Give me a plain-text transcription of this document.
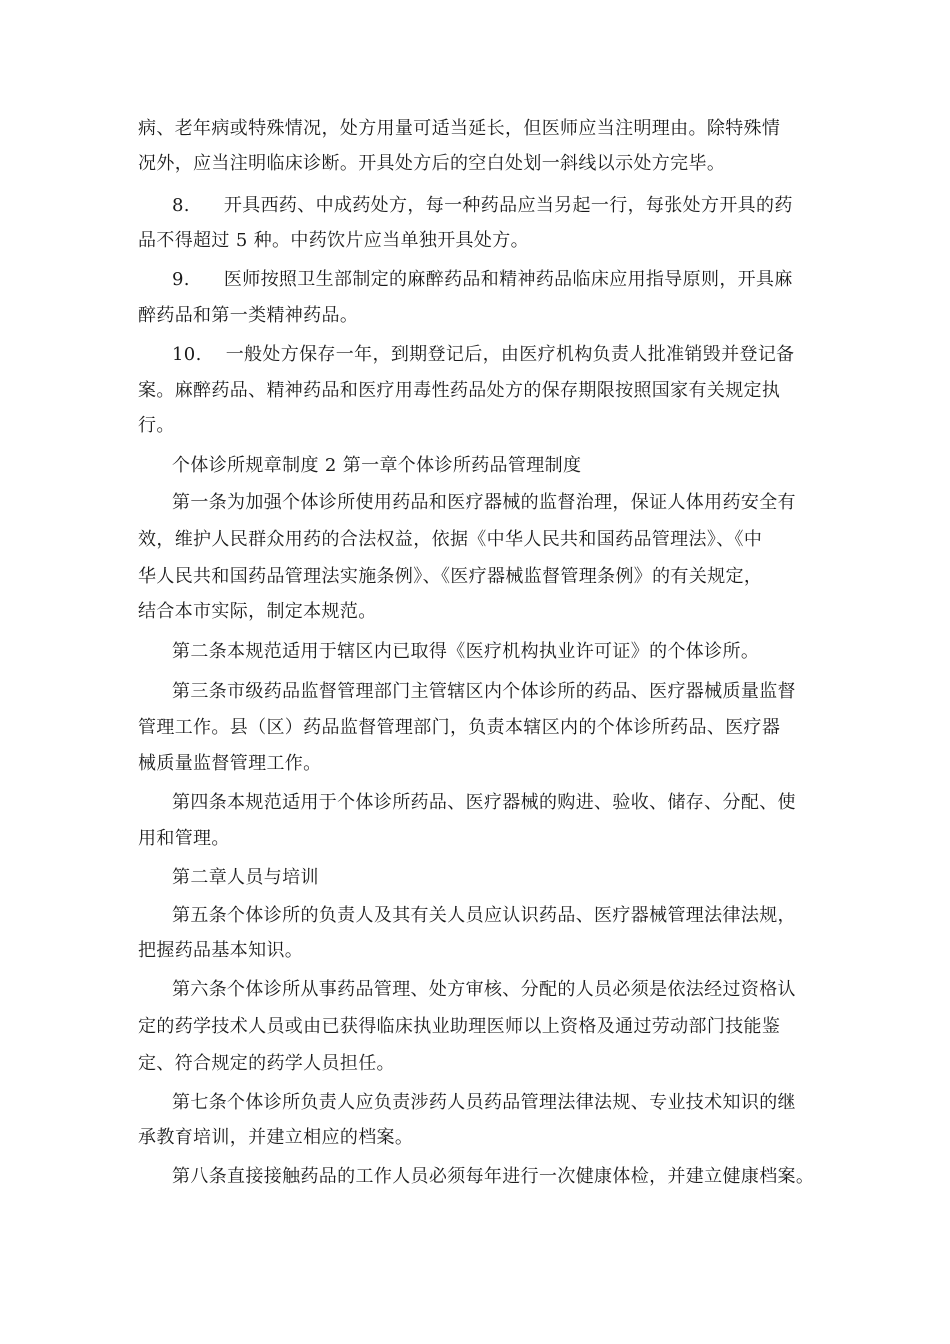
病、老年病或特殊情况，处方用量可适当延长，但医师应当注明理由。除特殊情
况外，应当注明临床诊断。开具处方后的空白处划一斜线以示处方完毕。
8. 开具西药、中成药处方，每一种药品应当另起一行，每张处方开具的药
品不得超过 5 种。中药饮片应当单独开具处方。
9. 医师按照卫生部制定的麻醉药品和精神药品临床应用指导原则，开具麻
醉药品和第一类精神药品。
10. 一般处方保存一年，到期登记后，由医疗机构负责人批准销毁并登记备
案。麻醉药品、精神药品和医疗用毒性药品处方的保存期限按照国家有关规定执
行。
个体诊所规章制度 2 第一章个体诊所药品管理制度
第一条为加强个体诊所使用药品和医疗器械的监督治理，保证人体用药安全有
效，维护人民群众用药的合法权益，依据《中华人民共和国药品管理法》、《中
华人民共和国药品管理法实施条例》、《医疗器械监督管理条例》的有关规定，
结合本市实际，制定本规范。
第二条本规范适用于辖区内已取得《医疗机构执业许可证》的个体诊所。
第三条市级药品监督管理部门主管辖区内个体诊所的药品、医疗器械质量监督
管理工作。县（区）药品监督管理部门，负责本辖区内的个体诊所药品、医疗器
械质量监督管理工作。
第四条本规范适用于个体诊所药品、医疗器械的购进、验收、储存、分配、使
用和管理。
第二章人员与培训
第五条个体诊所的负责人及其有关人员应认识药品、医疗器械管理法律法规，
把握药品基本知识。
第六条个体诊所从事药品管理、处方审核、分配的人员必须是依法经过资格认
定的药学技术人员或由已获得临床执业助理医师以上资格及通过劳动部门技能鉴
定、符合规定的药学人员担任。
第七条个体诊所负责人应负责涉药人员药品管理法律法规、专业技术知识的继
承教育培训，并建立相应的档案。
第八条直接接触药品的工作人员必须每年进行一次健康体检，并建立健康档案。
